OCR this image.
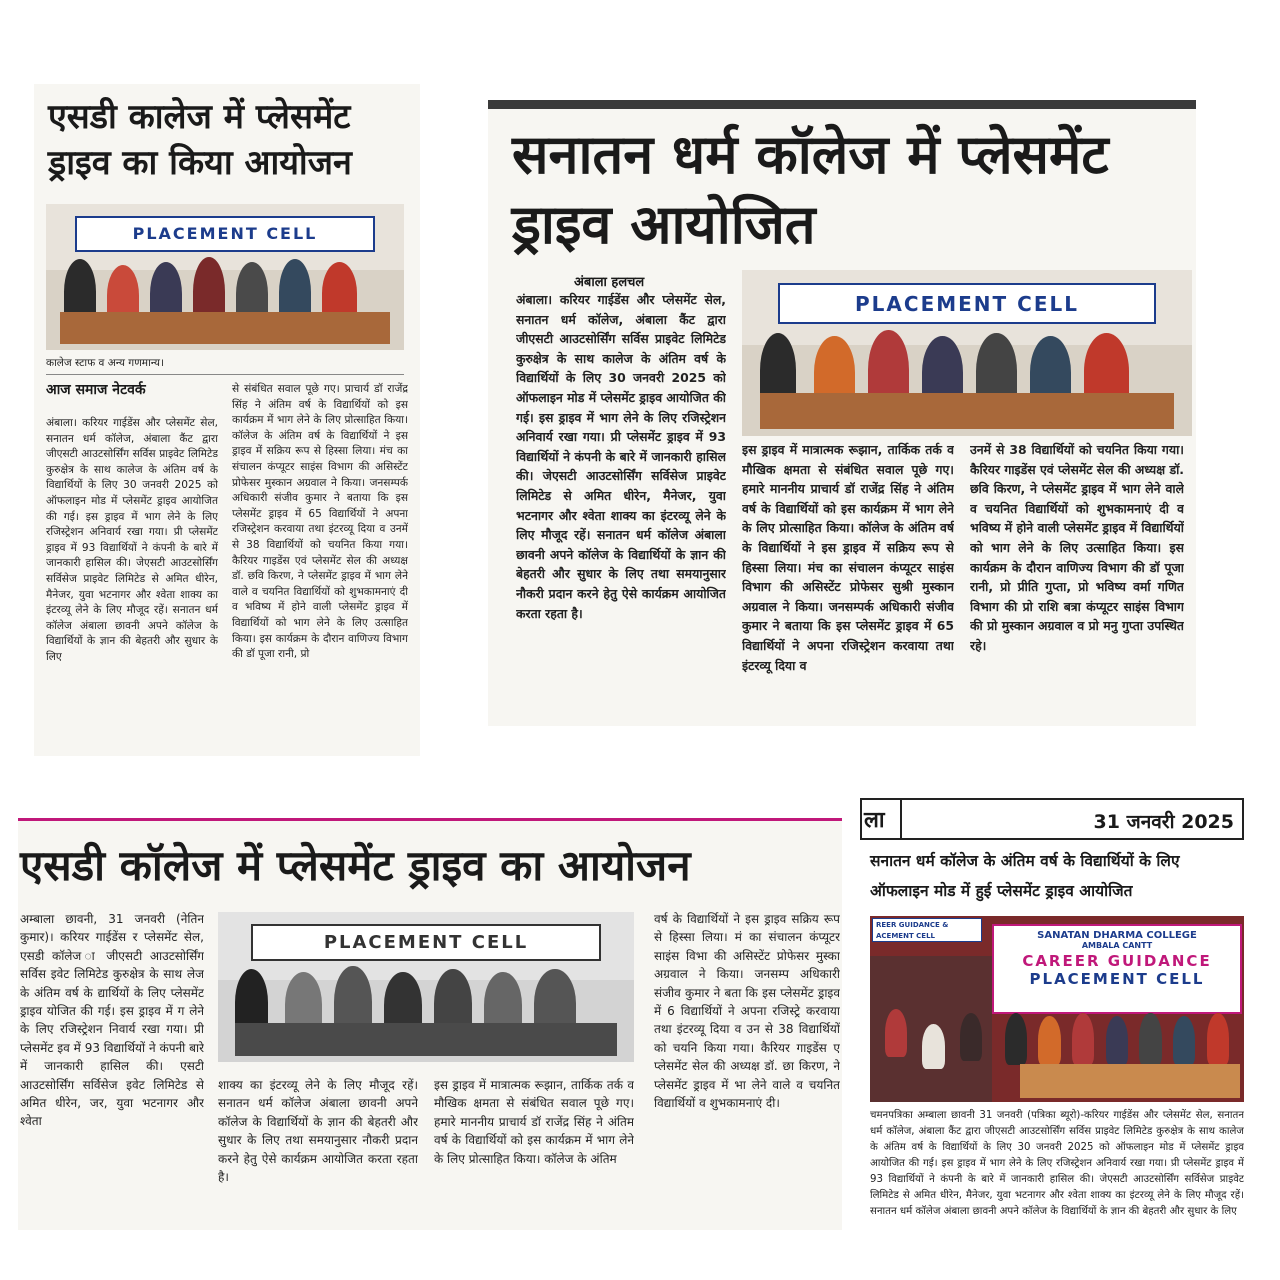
एसडी कालेज में प्लेसमेंट ड्राइव का किया आयोजन
PLACEMENT CELL
कालेज स्टाफ व अन्य गणमान्य।
आज समाज नेटवर्क
अंबाला। करियर गाईडेंस और प्लेसमेंट सेल, सनातन धर्म कॉलेज, अंबाला कैंट द्वारा जीएसटी आउटसोर्सिंग सर्विस प्राइवेट लिमिटेड कुरुक्षेत्र के साथ कालेज के अंतिम वर्ष के विद्यार्थियों के लिए 30 जनवरी 2025 को ऑफलाइन मोड में प्लेसमेंट ड्राइव आयोजित की गई। इस ड्राइव में भाग लेने के लिए रजिस्ट्रेशन अनिवार्य रखा गया। प्री प्लेसमेंट ड्राइव में 93 विद्यार्थियों ने कंपनी के बारे में जानकारी हासिल की। जेएसटी आउटसोर्सिंग सर्विसेज प्राइवेट लिमिटेड से अमित धीरेन, मैनेजर, युवा भटनागर और श्वेता शाक्य का इंटरव्यू लेने के लिए मौजूद रहें। सनातन धर्म कॉलेज अंबाला छावनी अपने कॉलेज के विद्यार्थियों के ज्ञान की बेहतरी और सुधार के लिए
से संबंधित सवाल पूछे गए। प्राचार्य डॉ राजेंद्र सिंह ने अंतिम वर्ष के विद्यार्थियों को इस कार्यक्रम में भाग लेने के लिए प्रोत्साहित किया। कॉलेज के अंतिम वर्ष के विद्यार्थियों ने इस ड्राइव में सक्रिय रूप से हिस्सा लिया। मंच का संचालन कंप्यूटर साइंस विभाग की असिस्टेंट प्रोफेसर मुस्कान अग्रवाल ने किया। जनसम्पर्क अधिकारी संजीव कुमार ने बताया कि इस प्लेसमेंट ड्राइव में 65 विद्यार्थियों ने अपना रजिस्ट्रेशन करवाया तथा इंटरव्यू दिया व उनमें से 38 विद्यार्थियों को चयनित किया गया। कैरियर गाइडेंस एवं प्लेसमेंट सेल की अध्यक्ष डॉ. छवि किरण, ने प्लेसमेंट ड्राइव में भाग लेने वाले व चयनित विद्यार्थियों को शुभकामनाएं दी व भविष्य में होने वाली प्लेसमेंट ड्राइव में विद्यार्थियों को भाग लेने के लिए उत्साहित किया। इस कार्यक्रम के दौरान वाणिज्य विभाग की डॉ पूजा रानी, प्रो
सनातन धर्म कॉलेज में प्लेसमेंट ड्राइव आयोजित
अंबाला हलचल
अंबाला। करियर गाईडेंस और प्लेसमेंट सेल, सनातन धर्म कॉलेज, अंबाला कैंट द्वारा जीएसटी आउटसोर्सिंग सर्विस प्राइवेट लिमिटेड कुरुक्षेत्र के साथ कालेज के अंतिम वर्ष के विद्यार्थियों के लिए 30 जनवरी 2025 को ऑफलाइन मोड में प्लेसमेंट ड्राइव आयोजित की गई। इस ड्राइव में भाग लेने के लिए रजिस्ट्रेशन अनिवार्य रखा गया। प्री प्लेसमेंट ड्राइव में 93 विद्यार्थियों ने कंपनी के बारे में जानकारी हासिल की। जेएसटी आउटसोर्सिंग सर्विसेज प्राइवेट लिमिटेड से अमित धीरेन, मैनेजर, युवा भटनागर और श्वेता शाक्य का इंटरव्यू लेने के लिए मौजूद रहें। सनातन धर्म कॉलेज अंबाला छावनी अपने कॉलेज के विद्यार्थियों के ज्ञान की बेहतरी और सुधार के लिए तथा समयानुसार नौकरी प्रदान करने हेतु ऐसे कार्यक्रम आयोजित करता रहता है।
PLACEMENT CELL
इस ड्राइव में मात्रात्मक रूझान, तार्किक तर्क व मौखिक क्षमता से संबंधित सवाल पूछे गए। हमारे माननीय प्राचार्य डॉ राजेंद्र सिंह ने अंतिम वर्ष के विद्यार्थियों को इस कार्यक्रम में भाग लेने के लिए प्रोत्साहित किया। कॉलेज के अंतिम वर्ष के विद्यार्थियों ने इस ड्राइव में सक्रिय रूप से हिस्सा लिया। मंच का संचालन कंप्यूटर साइंस विभाग की असिस्टेंट प्रोफेसर सुश्री मुस्कान अग्रवाल ने किया। जनसम्पर्क अधिकारी संजीव कुमार ने बताया कि इस प्लेसमेंट ड्राइव में 65 विद्यार्थियों ने अपना रजिस्ट्रेशन करवाया तथा इंटरव्यू दिया व
उनमें से 38 विद्यार्थियों को चयनित किया गया। कैरियर गाइडेंस एवं प्लेसमेंट सेल की अध्यक्ष डॉ. छवि किरण, ने प्लेसमेंट ड्राइव में भाग लेने वाले व चयनित विद्यार्थियों को शुभकामनाएं दी व भविष्य में होने वाली प्लेसमेंट ड्राइव में विद्यार्थियों को भाग लेने के लिए उत्साहित किया। इस कार्यक्रम के दौरान वाणिज्य विभाग की डॉ पूजा रानी, प्रो प्रीति गुप्ता, प्रो भविष्य वर्मा गणित विभाग की प्रो राशि बत्रा कंप्यूटर साइंस विभाग की प्रो मुस्कान अग्रवाल व प्रो मनु गुप्ता उपस्थित रहे।
एसडी कॉलेज में प्लेसमेंट ड्राइव का आयोजन
अम्बाला छावनी, 31 जनवरी (नेतिन कुमार)। करियर गाईडेंस र प्लेसमेंट सेल, एसडी कॉलेज ा जीएसटी आउटसोर्सिंग सर्विस इवेट लिमिटेड कुरुक्षेत्र के साथ लेज के अंतिम वर्ष के द्यार्थियों के लिए प्लेसमेंट ड्राइव योजित की गई। इस ड्राइव में ग लेने के लिए रजिस्ट्रेशन निवार्य रखा गया। प्री प्लेसमेंट इव में 93 विद्यार्थियों ने कंपनी बारे में जानकारी हासिल की। एसटी आउटसोर्सिंग सर्विसेज इवेट लिमिटेड से अमित धीरेन, जर, युवा भटनागर और श्वेता
PLACEMENT CELL
शाक्य का इंटरव्यू लेने के लिए मौजूद रहें। सनातन धर्म कॉलेज अंबाला छावनी अपने कॉलेज के विद्यार्थियों के ज्ञान की बेहतरी और सुधार के लिए तथा समयानुसार नौकरी प्रदान करने हेतु ऐसे कार्यक्रम आयोजित करता रहता है।
इस ड्राइव में मात्रात्मक रूझान, तार्किक तर्क व मौखिक क्षमता से संबंधित सवाल पूछे गए। हमारे माननीय प्राचार्य डॉ राजेंद्र सिंह ने अंतिम वर्ष के विद्यार्थियों को इस कार्यक्रम में भाग लेने के लिए प्रोत्साहित किया। कॉलेज के अंतिम
वर्ष के विद्यार्थियों ने इस ड्राइव सक्रिय रूप से हिस्सा लिया। मं का संचालन कंप्यूटर साइंस विभा की असिस्टेंट प्रोफेसर मुस्का अग्रवाल ने किया। जनसम्प अधिकारी संजीव कुमार ने बता कि इस प्लेसमेंट ड्राइव में 6 विद्यार्थियों ने अपना रजिस्ट्रे करवाया तथा इंटरव्यू दिया व उन से 38 विद्यार्थियों को चयनि किया गया। कैरियर गाइडेंस ए प्लेसमेंट सेल की अध्यक्ष डॉ. छा किरण, ने प्लेसमेंट ड्राइव में भा लेने वाले व चयनित विद्यार्थियों व शुभकामनाएं दी।
ला	31 जनवरी 2025
सनातन धर्म कॉलेज के अंतिम वर्ष के विद्यार्थियों के लिए ऑफलाइन मोड में हुई प्लेसमेंट ड्राइव आयोजित
REER GUIDANCE & ACEMENT CELL	SANATAN DHARMA COLLEGE
AMBALA CANTT
CAREER GUIDANCE
PLACEMENT CELL
चमनपत्रिका अम्बाला छावनी 31 जनवरी (पत्रिका ब्यूरो)-करियर गाईडेंस और प्लेसमेंट सेल, सनातन धर्म कॉलेज, अंबाला कैंट द्वारा जीएसटी आउटसोर्सिंग सर्विस प्राइवेट लिमिटेड कुरुक्षेत्र के साथ कालेज के अंतिम वर्ष के विद्यार्थियों के लिए 30 जनवरी 2025 को ऑफलाइन मोड में प्लेसमेंट ड्राइव आयोजित की गई। इस ड्राइव में भाग लेने के लिए रजिस्ट्रेशन अनिवार्य रखा गया। प्री प्लेसमेंट ड्राइव में 93 विद्यार्थियों ने कंपनी के बारे में जानकारी हासिल की। जेएसटी आउटसोर्सिंग सर्विसेज प्राइवेट लिमिटेड से अमित धीरेन, मैनेजर, युवा भटनागर और श्वेता शाक्य का इंटरव्यू लेने के लिए मौजूद रहें। सनातन धर्म कॉलेज अंबाला छावनी अपने कॉलेज के विद्यार्थियों के ज्ञान की बेहतरी और सुधार के लिए
